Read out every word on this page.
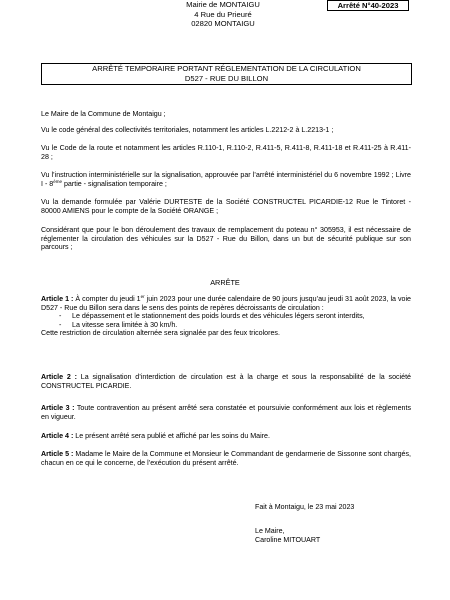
Mairie de MONTAIGU
4 Rue du Prieuré
02820 MONTAIGU
Arrêté N°40-2023
ARRÊTÉ TEMPORAIRE PORTANT RÉGLEMENTATION DE LA CIRCULATION
D527 - RUE DU BILLON
Le Maire de la Commune de Montaigu ;
Vu le code général des collectivités territoriales, notamment les articles L.2212-2 à L.2213-1 ;
Vu le Code de la route et notamment les articles R.110-1, R.110-2, R.411-5, R.411-8, R.411-18 et R.411-25 à R.411-28 ;
Vu l’instruction interministérielle sur la signalisation, approuvée par l’arrêté interministériel du 6 novembre 1992 ; Livre I - 8ème partie - signalisation temporaire ;
Vu la demande formulée par Valérie DURTESTE de la Société CONSTRUCTEL PICARDIE-12 Rue le Tintoret - 80000 AMIENS pour le compte de la Société ORANGE ;
Considérant que pour le bon déroulement des travaux de remplacement du poteau n° 305953, il est nécessaire de réglementer la circulation des véhicules sur la D527 - Rue du Billon, dans un but de sécurité publique sur son parcours ;
ARRÊTE
Article 1 : À compter du jeudi 1er juin 2023 pour une durée calendaire de 90 jours jusqu’au jeudi 31 août 2023, la voie D527 - Rue du Billon sera dans le sens des points de repères décroissants de circulation :
- Le dépassement et le stationnement des poids lourds et des véhicules légers seront interdits,
- La vitesse sera limitée à 30 km/h.
Cette restriction de circulation alternée sera signalée par des feux tricolores.
Article 2 : La signalisation d’interdiction de circulation est à la charge et sous la responsabilité de la société CONSTRUCTEL PICARDIE.
Article 3 : Toute contravention au présent arrêté sera constatée et poursuivie conformément aux lois et règlements en vigueur.
Article 4 : Le présent arrêté sera publié et affiché par les soins du Maire.
Article 5 : Madame le Maire de la Commune et Monsieur le Commandant de gendarmerie de Sissonne sont chargés, chacun en ce qui le concerne, de l’exécution du présent arrêté.
Fait à Montaigu, le 23 mai 2023
Le Maire,
Caroline MITOUART
